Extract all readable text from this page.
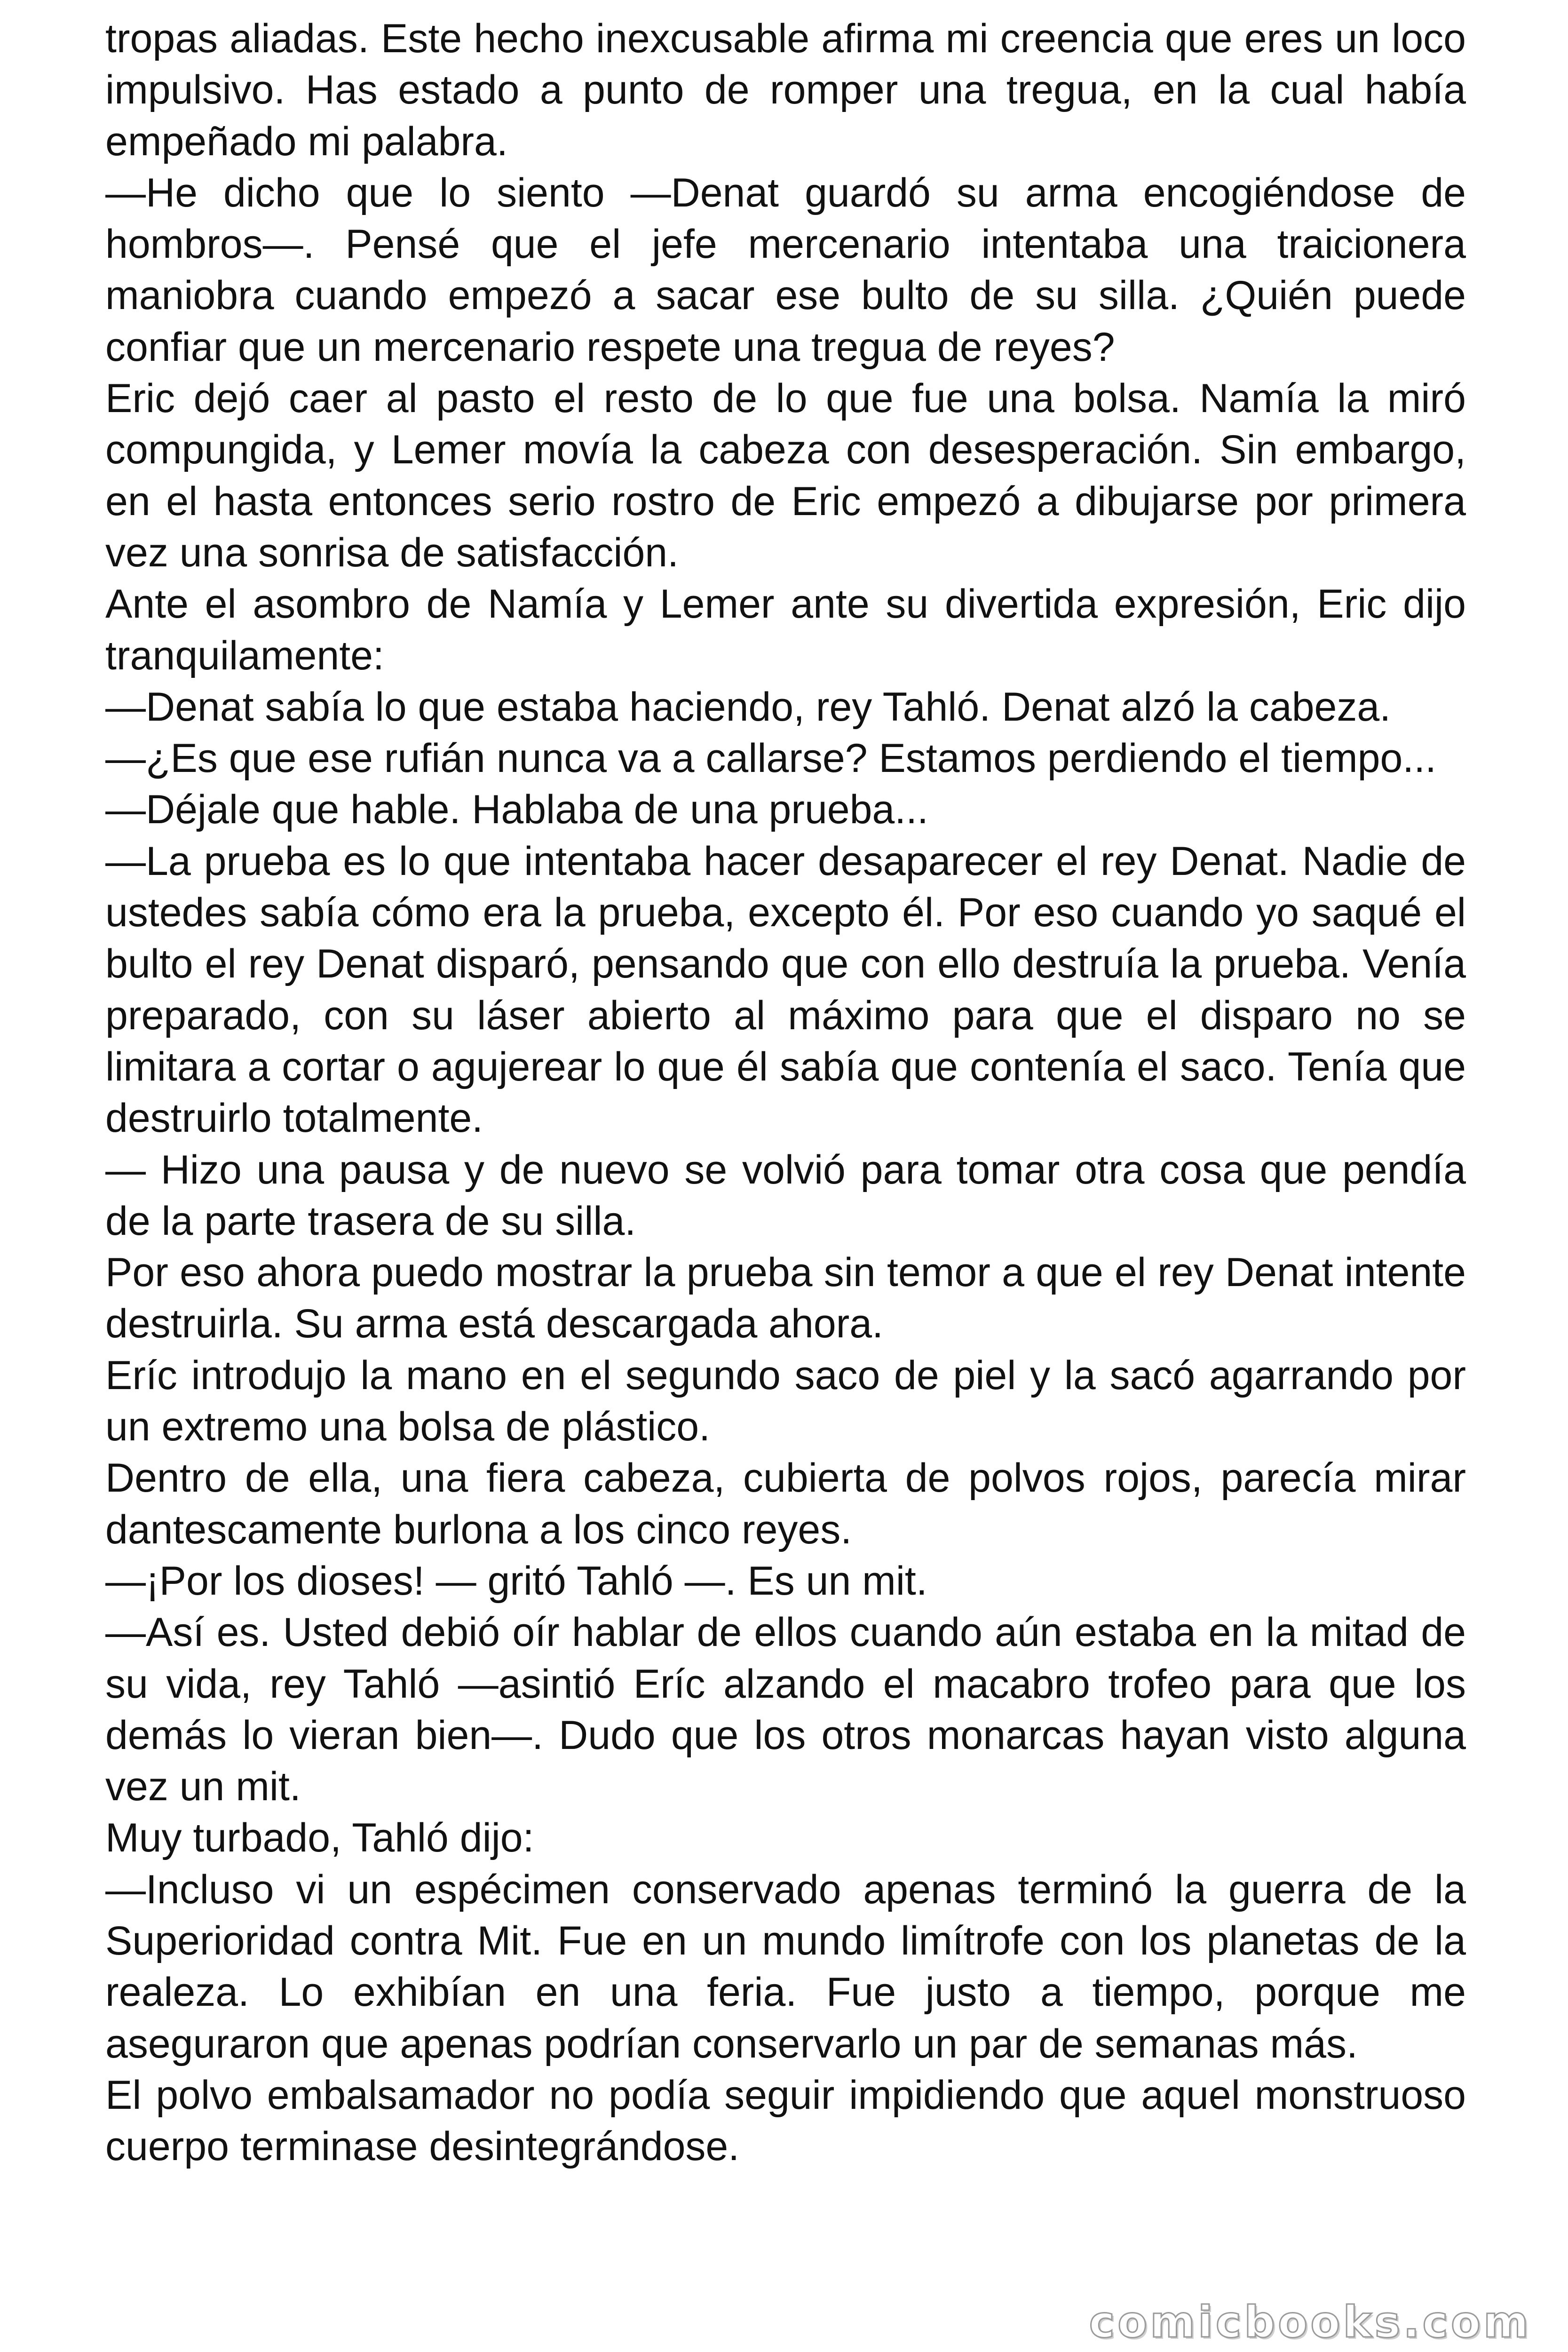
tropas aliadas. Este hecho inexcusable afirma mi creencia que eres un loco impulsivo. Has estado a punto de romper una tregua, en la cual había empeñado mi palabra.

—He dicho que lo siento —Denat guardó su arma encogiéndose de hombros—. Pensé que el jefe mercenario intentaba una traicionera maniobra cuando empezó a sacar ese bulto de su silla. ¿Quién puede confiar que un mercenario respete una tregua de reyes?

Eric dejó caer al pasto el resto de lo que fue una bolsa. Namía la miró compungida, y Lemer movía la cabeza con desesperación. Sin embargo, en el hasta entonces serio rostro de Eric empezó a dibujarse por primera vez una sonrisa de satisfacción.

Ante el asombro de Namía y Lemer ante su divertida expresión, Eric dijo tranquilamente:

—Denat sabía lo que estaba haciendo, rey Tahló. Denat alzó la cabeza.

—¿Es que ese rufián nunca va a callarse? Estamos perdiendo el tiempo...

—Déjale que hable. Hablaba de una prueba...

—La prueba es lo que intentaba hacer desaparecer el rey Denat. Nadie de ustedes sabía cómo era la prueba, excepto él. Por eso cuando yo saqué el bulto el rey Denat disparó, pensando que con ello destruía la prueba. Venía preparado, con su láser abierto al máximo para que el disparo no se limitara a cortar o agujerear lo que él sabía que contenía el saco. Tenía que destruirlo totalmente.

— Hizo una pausa y de nuevo se volvió para tomar otra cosa que pendía de la parte trasera de su silla.

Por eso ahora puedo mostrar la prueba sin temor a que el rey Denat intente destruirla. Su arma está descargada ahora.

Eríc introdujo la mano en el segundo saco de piel y la sacó agarrando por un extremo una bolsa de plástico.

Dentro de ella, una fiera cabeza, cubierta de polvos rojos, parecía mirar dantescamente burlona a los cinco reyes.

—¡Por los dioses! — gritó Tahló —. Es un mit.

—Así es. Usted debió oír hablar de ellos cuando aún estaba en la mitad de su vida, rey Tahló —asintió Eríc alzando el macabro trofeo para que los demás lo vieran bien—. Dudo que los otros monarcas hayan visto alguna vez un mit.

Muy turbado, Tahló dijo:

—Incluso vi un espécimen conservado apenas terminó la guerra de la Superioridad contra Mit. Fue en un mundo limítrofe con los planetas de la realeza. Lo exhibían en una feria. Fue justo a tiempo, porque me aseguraron que apenas podrían conservarlo un par de semanas más.

El polvo embalsamador no podía seguir impidiendo que aquel monstruoso cuerpo terminase desintegrándose.

comicbooks.com
